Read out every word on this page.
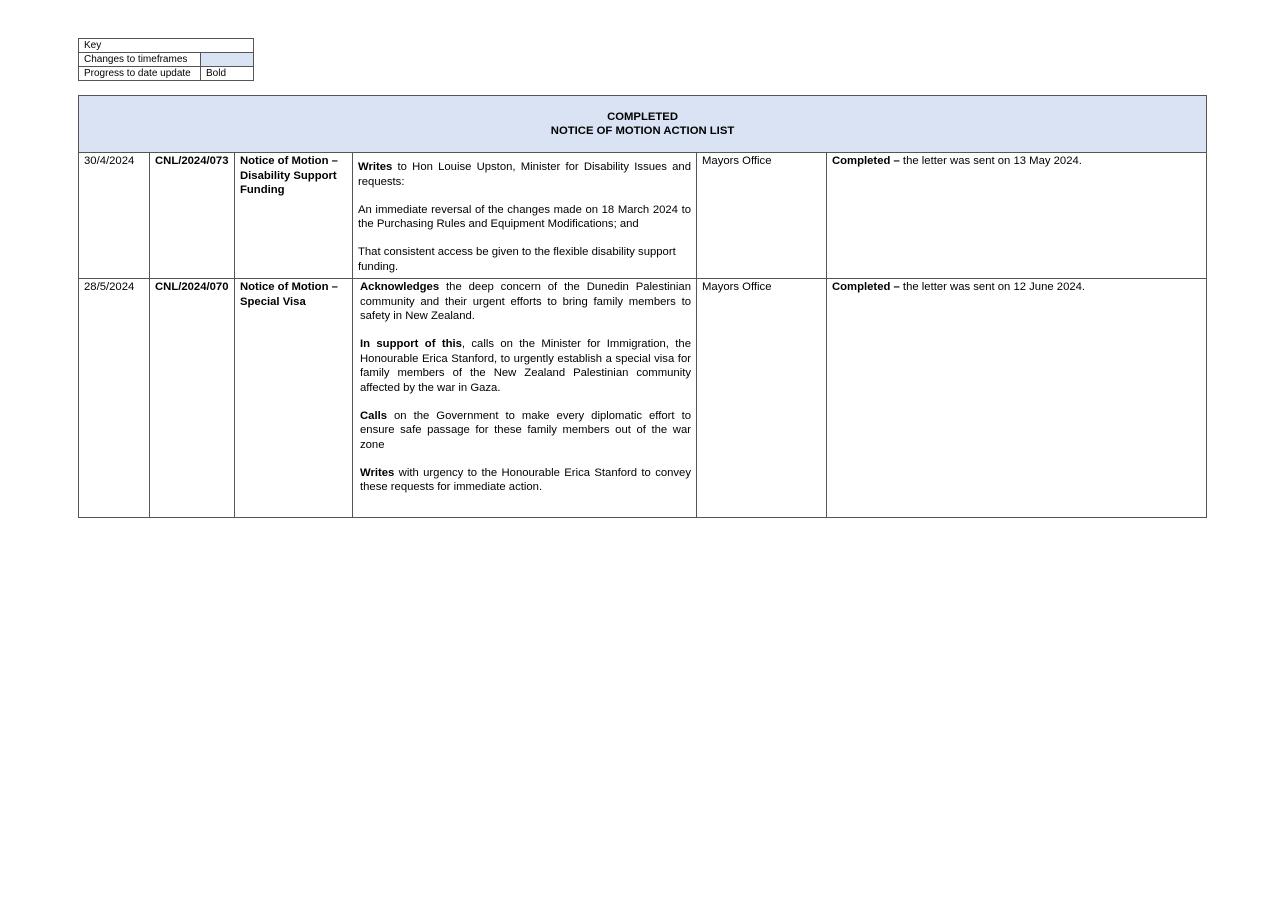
Key	
Changes to timeframes	
Progress to date update	Bold
COMPLETED
NOTICE OF MOTION ACTION LIST					

30/4/2024	CNL/2024/073	Notice of Motion – Disability Support Funding	Writes to Hon Louise Upston, Minister for Disability Issues and requests:

An immediate reversal of the changes made on 18 March 2024 to the Purchasing Rules and Equipment Modifications; and

That consistent access be given to the flexible disability support funding.	Mayors Office	Completed – the letter was sent on 13 May 2024.
28/5/2024	CNL/2024/070	Notice of Motion – Special Visa	Acknowledges the deep concern of the Dunedin Palestinian community and their urgent efforts to bring family members to safety in New Zealand.

In support of this, calls on the Minister for Immigration, the Honourable Erica Stanford, to urgently establish a special visa for family members of the New Zealand Palestinian community affected by the war in Gaza.

Calls on the Government to make every diplomatic effort to ensure safe passage for these family members out of the war zone

Writes with urgency to the Honourable Erica Stanford to convey these requests for immediate action.	Mayors Office	Completed – the letter was sent on 12 June 2024.
